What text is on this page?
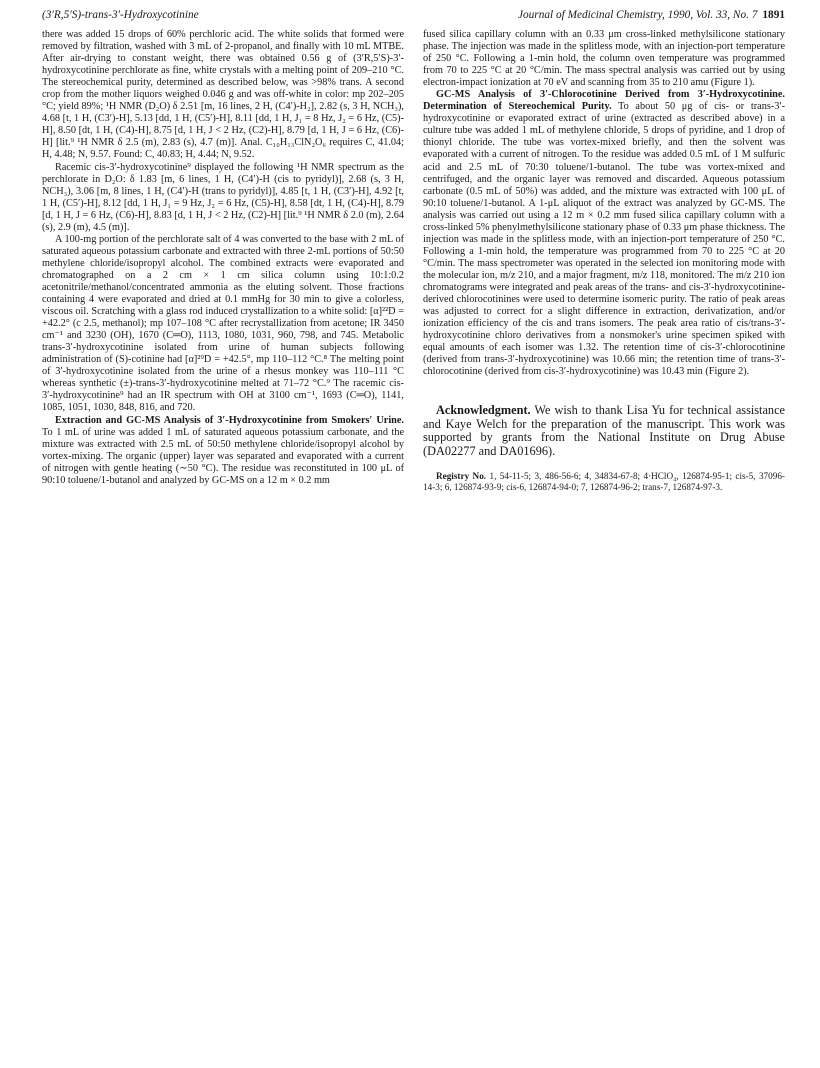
(3′R,5′S)-trans-3′-Hydroxycotinine	Journal of Medicinal Chemistry, 1990, Vol. 33, No. 7 1891

there was added 15 drops of 60% perchloric acid. The white solids that formed were removed by filtration, washed with 3 mL of 2-propanol, and finally with 10 mL MTBE. After air-drying to constant weight, there was obtained 0.56 g of (3′R,5′S)-3′-hydroxycotinine perchlorate as fine, white crystals with a melting point of 209–210 °C. The stereochemical purity, determined as described below, was >98% trans. A second crop from the mother liquors weighed 0.046 g and was off-white in color: mp 202–205 °C; yield 89%; ¹H NMR (D₂O) δ 2.51 [m, 16 lines, 2 H, (C4′)-H₂], 2.82 (s, 3 H, NCH₃), 4.68 [t, 1 H, (C3′)-H], 5.13 [dd, 1 H, (C5′)-H], 8.11 [dd, 1 H, J₁ = 8 Hz, J₂ = 6 Hz, (C5)-H], 8.50 [dt, 1 H, (C4)-H], 8.75 [d, 1 H, J < 2 Hz, (C2)-H], 8.79 [d, 1 H, J = 6 Hz, (C6)-H] [lit.⁹ ¹H NMR δ 2.5 (m), 2.83 (s), 4.7 (m)]. Anal. C₁₀H₁₃ClN₂O₆ requires C, 41.04; H, 4.48; N, 9.57. Found: C, 40.83; H, 4.44; N, 9.52.

Racemic cis-3′-hydroxycotinine⁹ displayed the following ¹H NMR spectrum as the perchlorate in D₂O: δ 1.83 [m, 6 lines, 1 H, (C4′)-H (cis to pyridyl)], 2.68 (s, 3 H, NCH₃), 3.06 [m, 8 lines, 1 H, (C4′)-H (trans to pyridyl)], 4.85 [t, 1 H, (C3′)-H], 4.92 [t, 1 H, (C5′)-H], 8.12 [dd, 1 H, J₁ = 9 Hz, J₂ = 6 Hz, (C5)-H], 8.58 [dt, 1 H, (C4)-H], 8.79 [d, 1 H, J = 6 Hz, (C6)-H], 8.83 [d, 1 H, J < 2 Hz, (C2)-H] [lit.⁹ ¹H NMR δ 2.0 (m), 2.64 (s), 2.9 (m), 4.5 (m)].

A 100-mg portion of the perchlorate salt of 4 was converted to the base with 2 mL of saturated aqueous potassium carbonate and extracted with three 2-mL portions of 50:50 methylene chloride/isopropyl alcohol. The combined extracts were evaporated and chromatographed on a 2 cm × 1 cm silica column using 10:1:0.2 acetonitrile/methanol/concentrated ammonia as the eluting solvent. Those fractions containing 4 were evaporated and dried at 0.1 mmHg for 30 min to give a colorless, viscous oil. Scratching with a glass rod induced crystallization to a white solid: [α]²²D = +42.2° (c 2.5, methanol); mp 107–108 °C after recrystallization from acetone; IR 3450 cm⁻¹ and 3230 (OH), 1670 (C═O), 1113, 1080, 1031, 960, 798, and 745. Metabolic trans-3′-hydroxycotinine isolated from urine of human subjects following administration of (S)-cotinine had [α]²⁹D = +42.5°, mp 110–112 °C.⁸ The melting point of 3′-hydroxycotinine isolated from the urine of a rhesus monkey was 110–111 °C whereas synthetic (±)-trans-3′-hydroxycotinine melted at 71–72 °C.⁹ The racemic cis-3′-hydroxycotinine⁹ had an IR spectrum with OH at 3100 cm⁻¹, 1693 (C═O), 1141, 1085, 1051, 1030, 848, 816, and 720.

Extraction and GC-MS Analysis of 3′-Hydroxycotinine from Smokers′ Urine. To 1 mL of urine was added 1 mL of saturated aqueous potassium carbonate, and the mixture was extracted with 2.5 mL of 50:50 methylene chloride/isopropyl alcohol by vortex-mixing. The organic (upper) layer was separated and evaporated with a current of nitrogen with gentle heating (∼50 °C). The residue was reconstituted in 100 μL of 90:10 toluene/1-butanol and analyzed by GC-MS on a 12 m × 0.2 mm

fused silica capillary column with an 0.33 μm cross-linked methylsilicone stationary phase. The injection was made in the splitless mode, with an injection-port temperature of 250 °C. Following a 1-min hold, the column oven temperature was programmed from 70 to 225 °C at 20 °C/min. The mass spectral analysis was carried out by using electron-impact ionization at 70 eV and scanning from 35 to 210 amu (Figure 1).

GC-MS Analysis of 3′-Chlorocotinine Derived from 3′-Hydroxycotinine. Determination of Stereochemical Purity. To about 50 μg of cis- or trans-3′-hydroxycotinine or evaporated extract of urine (extracted as described above) in a culture tube was added 1 mL of methylene chloride, 5 drops of pyridine, and 1 drop of thionyl chloride. The tube was vortex-mixed briefly, and then the solvent was evaporated with a current of nitrogen. To the residue was added 0.5 mL of 1 M sulfuric acid and 2.5 mL of 70:30 toluene/1-butanol. The tube was vortex-mixed and centrifuged, and the organic layer was removed and discarded. Aqueous potassium carbonate (0.5 mL of 50%) was added, and the mixture was extracted with 100 μL of 90:10 toluene/1-butanol. A 1-μL aliquot of the extract was analyzed by GC-MS. The analysis was carried out using a 12 m × 0.2 mm fused silica capillary column with a cross-linked 5% phenylmethylsilicone stationary phase of 0.33 μm phase thickness. The injection was made in the splitless mode, with an injection-port temperature of 250 °C. Following a 1-min hold, the temperature was programmed from 70 to 225 °C at 20 °C/min. The mass spectrometer was operated in the selected ion monitoring mode with the molecular ion, m/z 210, and a major fragment, m/z 118, monitored. The m/z 210 ion chromatograms were integrated and peak areas of the trans- and cis-3′-hydroxycotinine-derived chlorocotinines were used to determine isomeric purity. The ratio of peak areas was adjusted to correct for a slight difference in extraction, derivatization, and/or ionization efficiency of the cis and trans isomers. The peak area ratio of cis/trans-3′-hydroxycotinine chloro derivatives from a nonsmoker's urine specimen spiked with equal amounts of each isomer was 1.32. The retention time of cis-3′-chlorocotinine (derived from trans-3′-hydroxycotinine) was 10.66 min; the retention time of trans-3′-chlorocotinine (derived from cis-3′-hydroxycotinine) was 10.43 min (Figure 2).

Acknowledgment. We wish to thank Lisa Yu for technical assistance and Kaye Welch for the preparation of the manuscript. This work was supported by grants from the National Institute on Drug Abuse (DA02277 and DA01696).

Registry No. 1, 54-11-5; 3, 486-56-6; 4, 34834-67-8; 4·HClO₄, 126874-95-1; cis-5, 37096-14-3; 6, 126874-93-9; cis-6, 126874-94-0; 7, 126874-96-2; trans-7, 126874-97-3.
